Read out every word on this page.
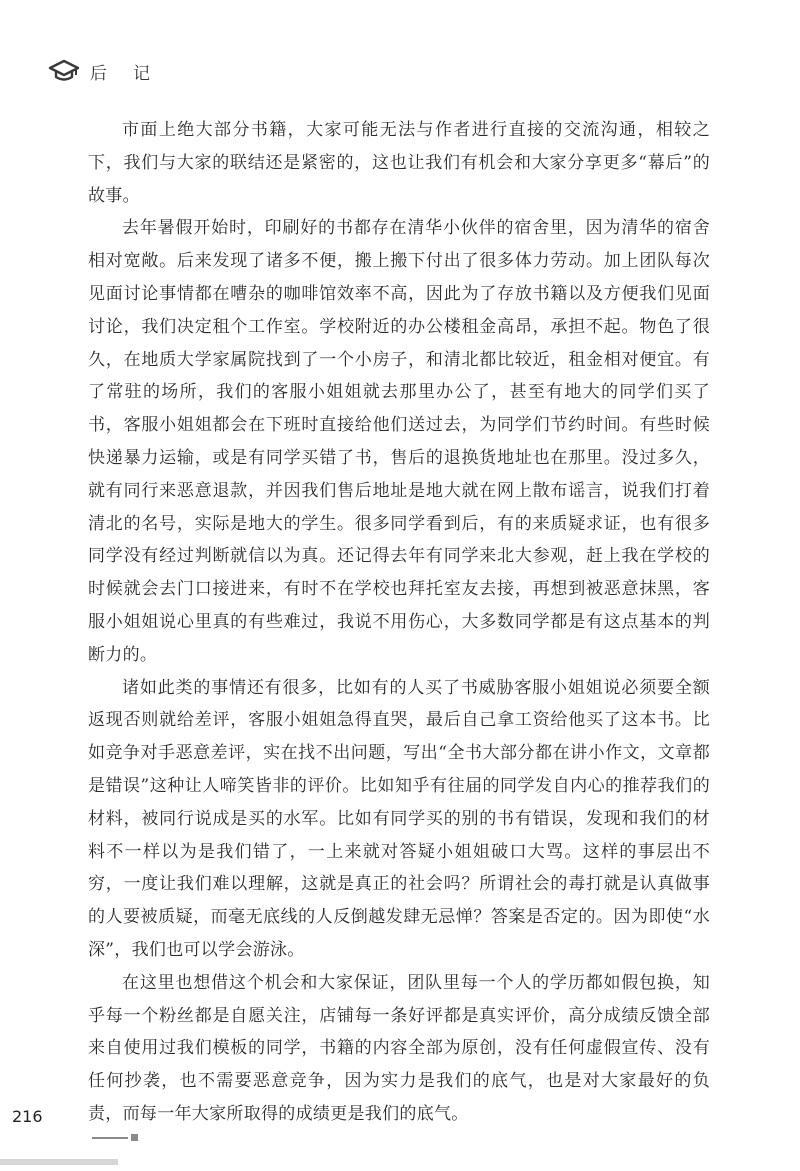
后记

市面上绝大部分书籍，大家可能无法与作者进行直接的交流沟通，相较之下，我们与大家的联结还是紧密的，这也让我们有机会和大家分享更多“幕后”的故事。

去年暑假开始时，印刷好的书都存在清华小伙伴的宿舍里，因为清华的宿舍相对宽敞。后来发现了诸多不便，搬上搬下付出了很多体力劳动。加上团队每次见面讨论事情都在嘈杂的咖啡馆效率不高，因此为了存放书籍以及方便我们见面讨论，我们决定租个工作室。学校附近的办公楼租金高昂，承担不起。物色了很久，在地质大学家属院找到了一个小房子，和清北都比较近，租金相对便宜。有了常驻的场所，我们的客服小姐姐就去那里办公了，甚至有地大的同学们买了书，客服小姐姐都会在下班时直接给他们送过去，为同学们节约时间。有些时候快递暴力运输，或是有同学买错了书，售后的退换货地址也在那里。没过多久，就有同行来恶意退款，并因我们售后地址是地大就在网上散布谣言，说我们打着清北的名号，实际是地大的学生。很多同学看到后，有的来质疑求证，也有很多同学没有经过判断就信以为真。还记得去年有同学来北大参观，赶上我在学校的时候就会去门口接进来，有时不在学校也拜托室友去接，再想到被恶意抹黑，客服小姐姐说心里真的有些难过，我说不用伤心，大多数同学都是有这点基本的判断力的。

诸如此类的事情还有很多，比如有的人买了书威胁客服小姐姐说必须要全额返现否则就给差评，客服小姐姐急得直哭，最后自己拿工资给他买了这本书。比如竞争对手恶意差评，实在找不出问题，写出“全书大部分都在讲小作文，文章都是错误”这种让人啼笑皆非的评价。比如知乎有往届的同学发自内心的推荐我们的材料，被同行说成是买的水军。比如有同学买的别的书有错误，发现和我们的材料不一样以为是我们错了，一上来就对答疑小姐姐破口大骂。这样的事层出不穷，一度让我们难以理解，这就是真正的社会吗？所谓社会的毒打就是认真做事的人要被质疑，而毫无底线的人反倒越发肆无忌惮？答案是否定的。因为即使“水深”，我们也可以学会游泳。

在这里也想借这个机会和大家保证，团队里每一个人的学历都如假包换，知乎每一个粉丝都是自愿关注，店铺每一条好评都是真实评价，高分成绩反馈全部来自使用过我们模板的同学，书籍的内容全部为原创，没有任何虚假宣传、没有任何抄袭，也不需要恶意竞争，因为实力是我们的底气，也是对大家最好的负责，而每一年大家所取得的成绩更是我们的底气。

216
